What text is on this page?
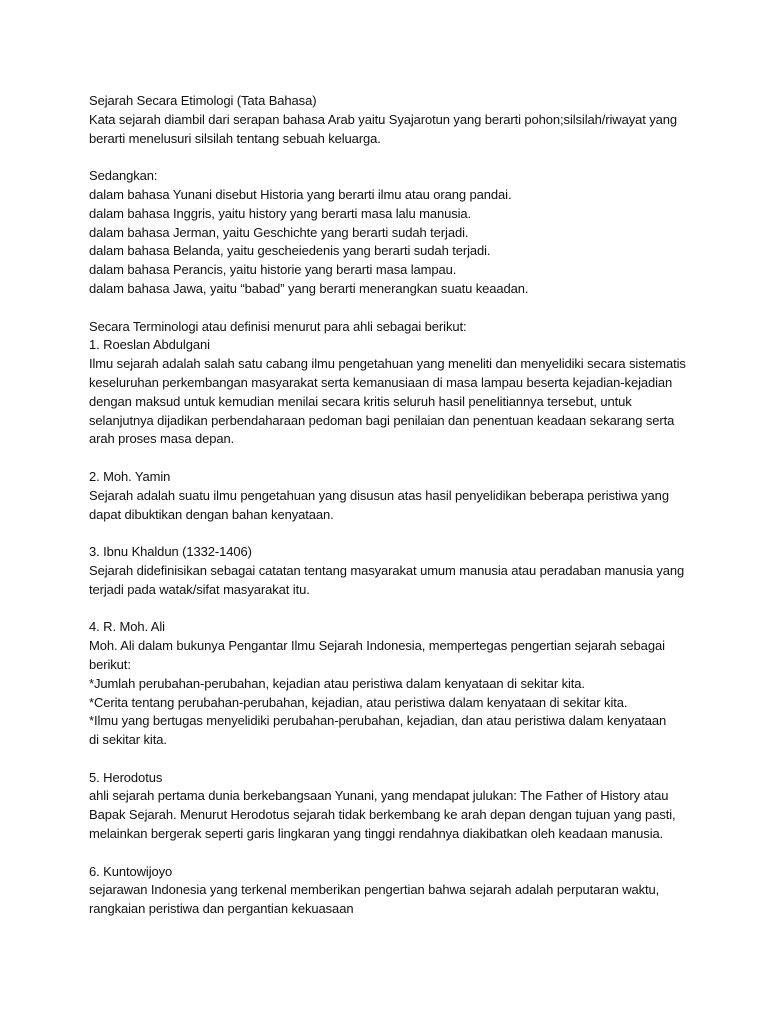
Sejarah Secara Etimologi (Tata Bahasa)
Kata sejarah diambil dari serapan bahasa Arab yaitu Syajarotun yang berarti pohon;silsilah/riwayat yang
berarti menelusuri silsilah tentang sebuah keluarga.
Sedangkan:
dalam bahasa Yunani disebut Historia yang berarti ilmu atau orang pandai.
dalam bahasa Inggris, yaitu history yang berarti masa lalu manusia.
dalam bahasa Jerman, yaitu Geschichte yang berarti sudah terjadi.
dalam bahasa Belanda, yaitu gescheiedenis yang berarti sudah terjadi.
dalam bahasa Perancis, yaitu historie yang berarti masa lampau.
dalam bahasa Jawa, yaitu “babad” yang berarti menerangkan suatu keaadan.
Secara Terminologi atau definisi menurut para ahli sebagai berikut:
1. Roeslan Abdulgani
Ilmu sejarah adalah salah satu cabang ilmu pengetahuan yang meneliti dan menyelidiki secara sistematis
keseluruhan perkembangan masyarakat serta kemanusiaan di masa lampau beserta kejadian-kejadian
dengan maksud untuk kemudian menilai secara kritis seluruh hasil penelitiannya tersebut, untuk
selanjutnya dijadikan perbendaharaan pedoman bagi penilaian dan penentuan keadaan sekarang serta
arah proses masa depan.
2. Moh. Yamin
Sejarah adalah suatu ilmu pengetahuan yang disusun atas hasil penyelidikan beberapa peristiwa yang
dapat dibuktikan dengan bahan kenyataan.
3. Ibnu Khaldun (1332-1406)
Sejarah didefinisikan sebagai catatan tentang masyarakat umum manusia atau peradaban manusia yang
terjadi pada watak/sifat masyarakat itu.
4. R. Moh. Ali
Moh. Ali dalam bukunya Pengantar Ilmu Sejarah Indonesia, mempertegas pengertian sejarah sebagai
berikut:
*Jumlah perubahan-perubahan, kejadian atau peristiwa dalam kenyataan di sekitar kita.
*Cerita tentang perubahan-perubahan, kejadian, atau peristiwa dalam kenyataan di sekitar kita.
*Ilmu yang bertugas menyelidiki perubahan-perubahan, kejadian, dan atau peristiwa dalam kenyataan
di sekitar kita.
5. Herodotus
ahli sejarah pertama dunia berkebangsaan Yunani, yang mendapat julukan: The Father of History atau
Bapak Sejarah. Menurut Herodotus sejarah tidak berkembang ke arah depan dengan tujuan yang pasti,
melainkan bergerak seperti garis lingkaran yang tinggi rendahnya diakibatkan oleh keadaan manusia.
6. Kuntowijoyo
sejarawan Indonesia yang terkenal memberikan pengertian bahwa sejarah adalah perputaran waktu,
rangkaian peristiwa dan pergantian kekuasaan
